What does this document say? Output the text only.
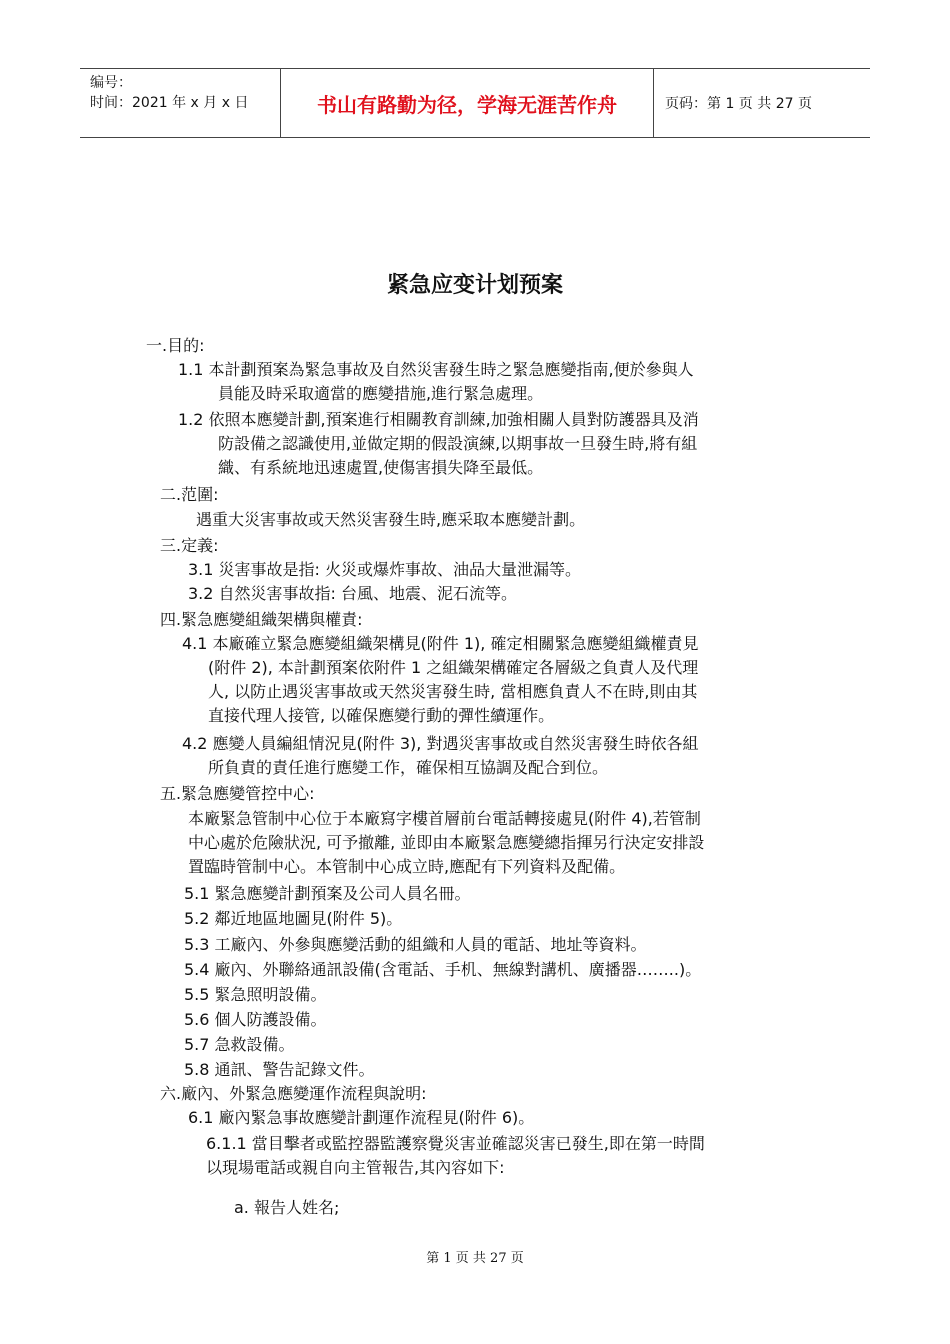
编号：
时间：2021 年 x 月 x 日	书山有路勤为径，学海无涯苦作舟	页码：第 1 页 共 27 页
紧急应变计划预案
一.目的:
1.1 本計劃預案為緊急事故及自然災害發生時之緊急應變指南,便於參與人
員能及時采取適當的應變措施,進行緊急處理。
1.2 依照本應變計劃,預案進行相關教育訓練,加強相關人員對防護器具及消
防設備之認識使用,並做定期的假設演練,以期事故一旦發生時,將有組
織、有系統地迅速處置,使傷害損失降至最低。
二.范圍:
遇重大災害事故或天然災害發生時,應采取本應變計劃。
三.定義:
3.1 災害事故是指: 火災或爆炸事故、油品大量泄漏等。
3.2 自然災害事故指: 台風、地震、泥石流等。
四.緊急應變組織架構與權責:
4.1 本廠確立緊急應變組織架構見(附件 1), 確定相關緊急應變組織權責見
(附件 2), 本計劃預案依附件 1 之組織架構確定各層級之負責人及代理
人, 以防止遇災害事故或天然災害發生時, 當相應負責人不在時,則由其
直接代理人接管, 以確保應變行動的彈性續運作。
4.2 應變人員編組情況見(附件 3), 對遇災害事故或自然災害發生時依各組
所負責的責任進行應變工作，確保相互協調及配合到位。
五.緊急應變管控中心:
本廠緊急管制中心位于本廠寫字樓首層前台電話轉接處見(附件 4),若管制
中心處於危險狀況, 可予撤離, 並即由本廠緊急應變總指揮另行決定安排設
置臨時管制中心。本管制中心成立時,應配有下列資料及配備。
5.1 緊急應變計劃預案及公司人員名冊。
5.2 鄰近地區地圖見(附件 5)。
5.3 工廠內、外參與應變活動的組織和人員的電話、地址等資料。
5.4 廠內、外聯絡通訊設備(含電話、手机、無線對講机、廣播器……..)。
5.5 緊急照明設備。
5.6 個人防護設備。
5.7 急救設備。
5.8 通訊、警告記錄文件。
六.廠內、外緊急應變運作流程與說明:
6.1 廠內緊急事故應變計劃運作流程見(附件 6)。
6.1.1 當目擊者或監控器監護察覺災害並確認災害已發生,即在第一時間
以現場電話或親自向主管報告,其內容如下:
a. 報告人姓名;
第 1 页 共 27 页
